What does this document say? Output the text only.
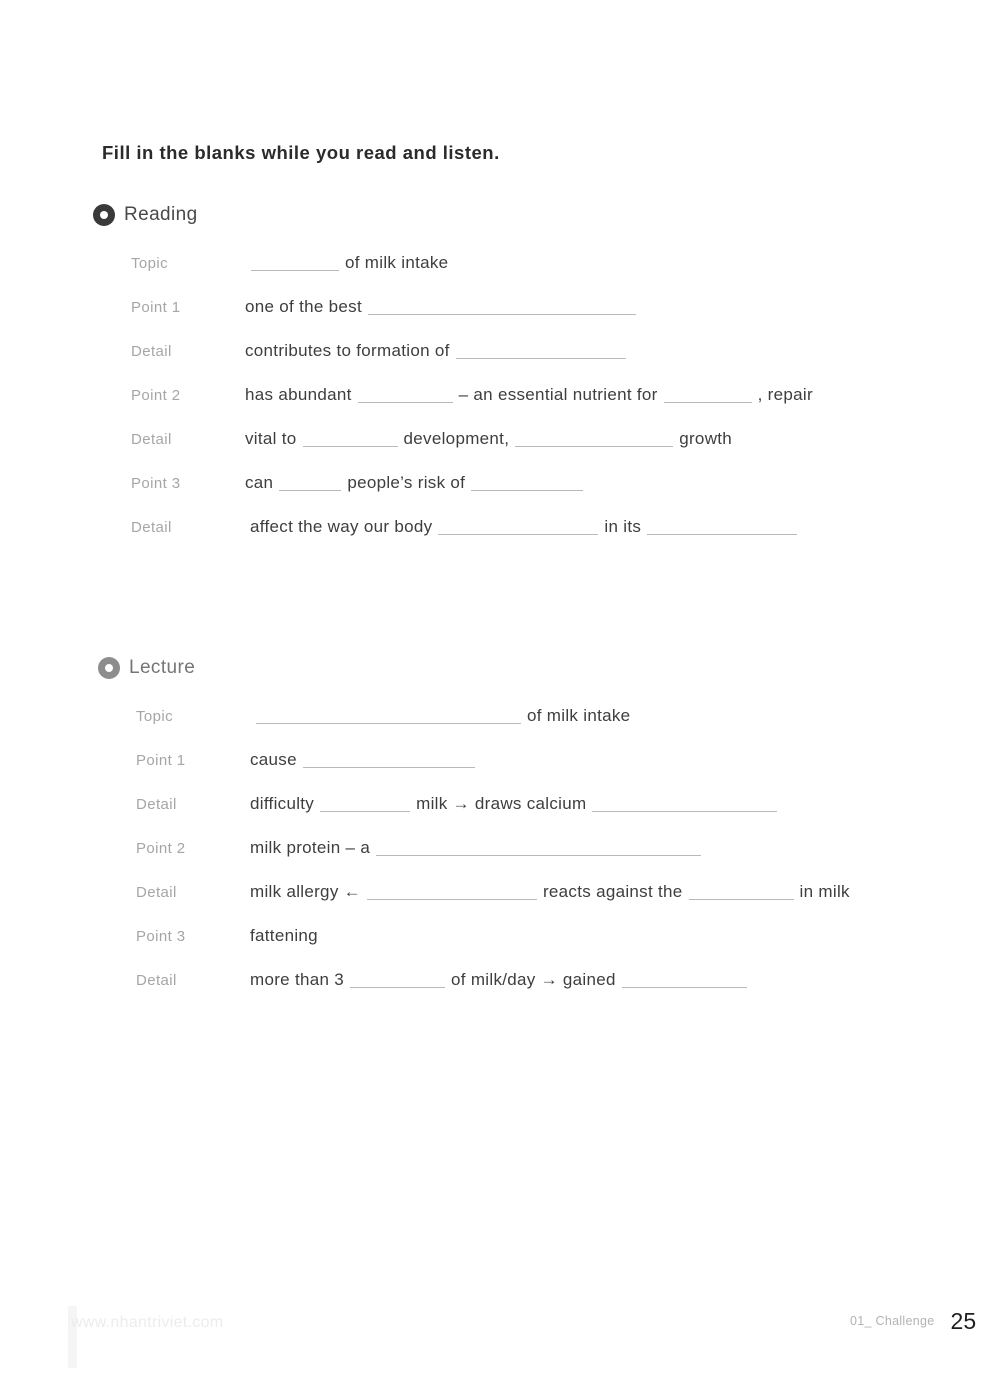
Fill in the blanks while you read and listen.
Reading
Topic	of milk intake
Point 1	one of the best
Detail	contributes to formation of
Point 2	has abundant	– an essential nutrient for	, repair
Detail	vital to	development,	growth
Point 3	can	people’s risk of
Detail	affect the way our body	in its
Lecture
Topic	of milk intake
Point 1	cause
Detail	difficulty	milk → draws calcium
Point 2	milk protein – a
Detail	milk allergy ←	reacts against the	in milk
Point 3	fattening
Detail	more than 3	of milk/day → gained
www.nhantriviet.com	01_ Challenge 25
